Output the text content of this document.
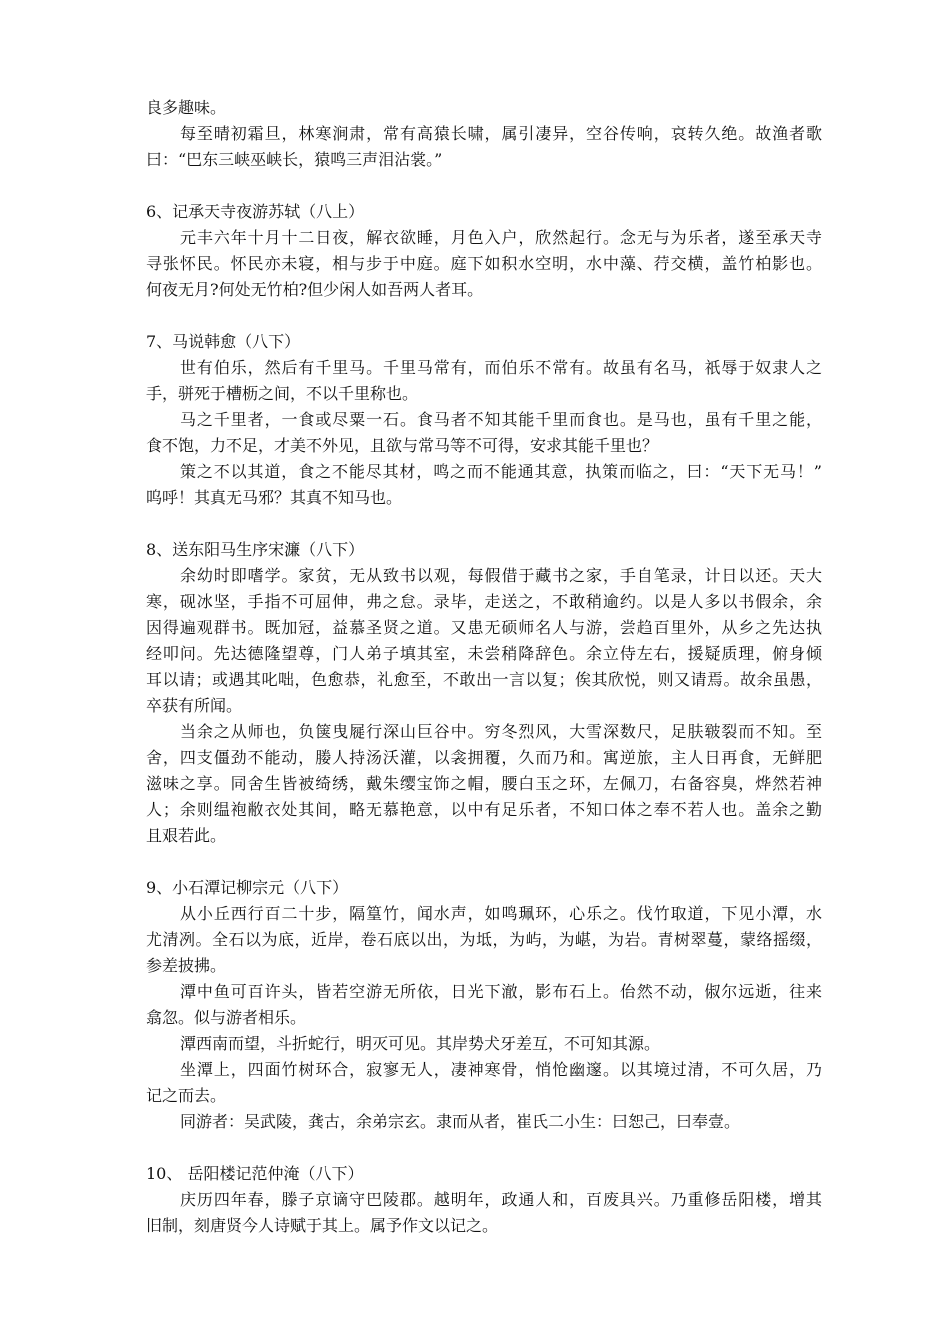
良多趣味。
每至晴初霜旦，林寒涧肃，常有高猿长啸，属引凄异，空谷传响，哀转久绝。故渔者歌
曰：“巴东三峡巫峡长，猿鸣三声泪沾裳。”
6、记承天寺夜游苏轼（八上）
元丰六年十月十二日夜，解衣欲睡，月色入户，欣然起行。念无与为乐者，遂至承天寺
寻张怀民。怀民亦未寝，相与步于中庭。庭下如积水空明，水中藻、荇交横，盖竹柏影也。
何夜无月?何处无竹柏?但少闲人如吾两人者耳。
7、马说韩愈（八下）
世有伯乐，然后有千里马。千里马常有，而伯乐不常有。故虽有名马，祇辱于奴隶人之
手，骈死于槽枥之间，不以千里称也。
马之千里者，一食或尽粟一石。食马者不知其能千里而食也。是马也，虽有千里之能，
食不饱，力不足，才美不外见，且欲与常马等不可得，安求其能千里也？
策之不以其道，食之不能尽其材，鸣之而不能通其意，执策而临之，曰：“天下无马！”
呜呼！其真无马邪？其真不知马也。
8、送东阳马生序宋濂（八下）
余幼时即嗜学。家贫，无从致书以观，每假借于藏书之家，手自笔录，计日以还。天大
寒，砚冰坚，手指不可屈伸，弗之怠。录毕，走送之，不敢稍逾约。以是人多以书假余，余
因得遍观群书。既加冠，益慕圣贤之道。又患无硕师名人与游，尝趋百里外，从乡之先达执
经叩问。先达德隆望尊，门人弟子填其室，未尝稍降辞色。余立侍左右，援疑质理，俯身倾
耳以请；或遇其叱咄，色愈恭，礼愈至，不敢出一言以复；俟其欣悦，则又请焉。故余虽愚，
卒获有所闻。
当余之从师也，负箧曳屣行深山巨谷中。穷冬烈风，大雪深数尺，足肤皲裂而不知。至
舍，四支僵劲不能动，媵人持汤沃灌，以衾拥覆，久而乃和。寓逆旅，主人日再食，无鲜肥
滋味之享。同舍生皆被绮绣，戴朱缨宝饰之帽，腰白玉之环，左佩刀，右备容臭，烨然若神
人；余则缊袍敝衣处其间，略无慕艳意，以中有足乐者，不知口体之奉不若人也。盖余之勤
且艰若此。
9、小石潭记柳宗元（八下）
从小丘西行百二十步，隔篁竹，闻水声，如鸣珮环，心乐之。伐竹取道，下见小潭，水
尤清冽。全石以为底，近岸，卷石底以出，为坻，为屿，为嵁，为岩。青树翠蔓，蒙络摇缀，
参差披拂。
潭中鱼可百许头，皆若空游无所依，日光下澈，影布石上。佁然不动，俶尔远逝，往来
翕忽。似与游者相乐。
潭西南而望，斗折蛇行，明灭可见。其岸势犬牙差互，不可知其源。
坐潭上，四面竹树环合，寂寥无人，凄神寒骨，悄怆幽邃。以其境过清，不可久居，乃
记之而去。
同游者：吴武陵，龚古，余弟宗玄。隶而从者，崔氏二小生：曰恕己，曰奉壹。
10、 岳阳楼记范仲淹（八下）
庆历四年春，滕子京谪守巴陵郡。越明年，政通人和，百废具兴。乃重修岳阳楼，增其
旧制，刻唐贤今人诗赋于其上。属予作文以记之。
